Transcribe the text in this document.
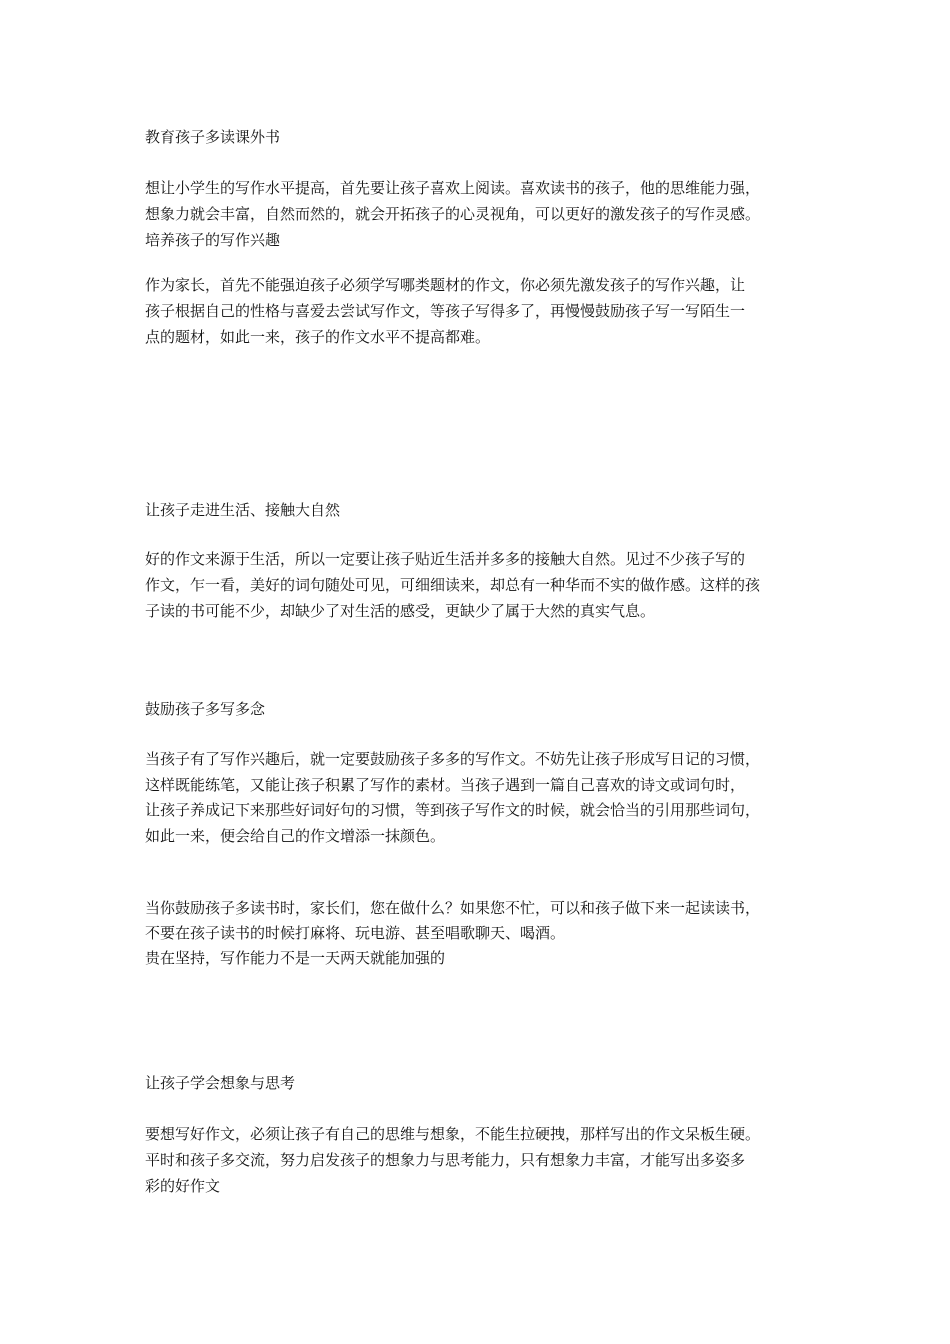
教育孩子多读课外书
想让小学生的写作水平提高，首先要让孩子喜欢上阅读。喜欢读书的孩子，他的思维能力强，
想象力就会丰富，自然而然的，就会开拓孩子的心灵视角，可以更好的激发孩子的写作灵感。
培养孩子的写作兴趣
作为家长，首先不能强迫孩子必须学写哪类题材的作文，你必须先激发孩子的写作兴趣，让
孩子根据自己的性格与喜爱去尝试写作文，等孩子写得多了，再慢慢鼓励孩子写一写陌生一
点的题材，如此一来，孩子的作文水平不提高都难。
让孩子走进生活、接触大自然
好的作文来源于生活，所以一定要让孩子贴近生活并多多的接触大自然。见过不少孩子写的
作文，乍一看，美好的词句随处可见，可细细读来，却总有一种华而不实的做作感。这样的孩
子读的书可能不少，却缺少了对生活的感受，更缺少了属于大然的真实气息。
鼓励孩子多写多念
当孩子有了写作兴趣后，就一定要鼓励孩子多多的写作文。不妨先让孩子形成写日记的习惯，
这样既能练笔，又能让孩子积累了写作的素材。当孩子遇到一篇自己喜欢的诗文或词句时，
让孩子养成记下来那些好词好句的习惯，等到孩子写作文的时候，就会恰当的引用那些词句，
如此一来，便会给自己的作文增添一抹颜色。
当你鼓励孩子多读书时，家长们，您在做什么？如果您不忙，可以和孩子做下来一起读读书，
不要在孩子读书的时候打麻将、玩电游、甚至唱歌聊天、喝酒。
贵在坚持，写作能力不是一天两天就能加强的
让孩子学会想象与思考
要想写好作文，必须让孩子有自己的思维与想象，不能生拉硬拽，那样写出的作文呆板生硬。
平时和孩子多交流，努力启发孩子的想象力与思考能力，只有想象力丰富，才能写出多姿多
彩的好作文
